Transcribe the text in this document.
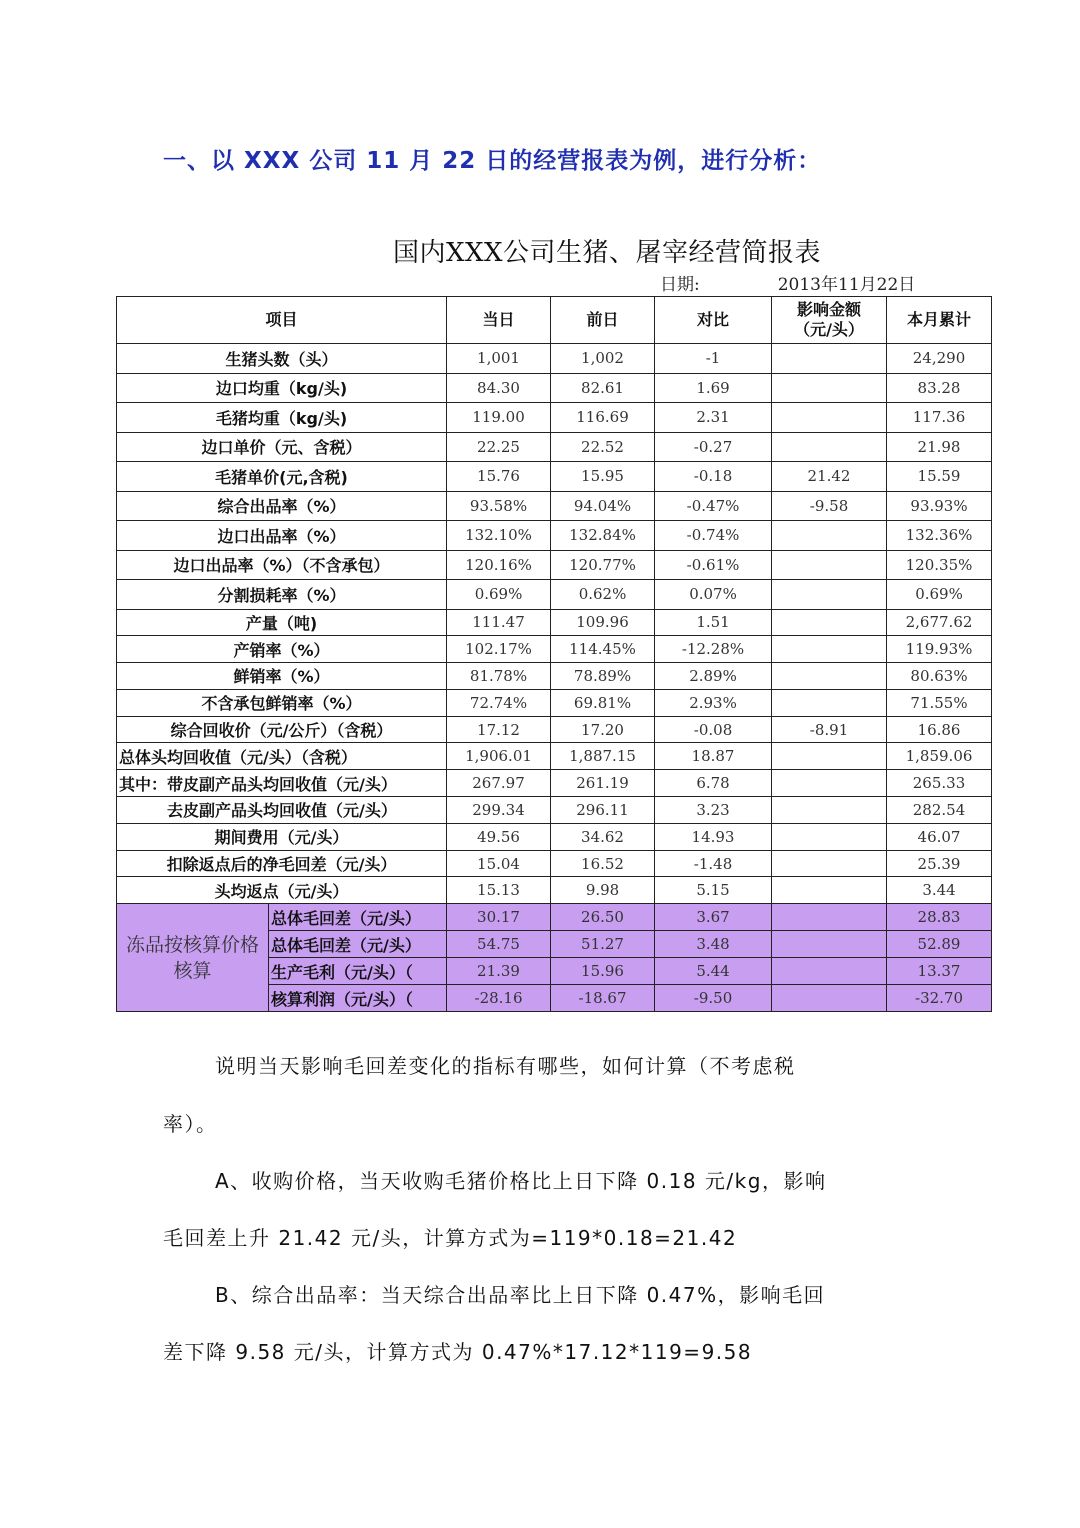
一、以 XXX 公司 11 月 22 日的经营报表为例，进行分析：
国内XXX公司生猪、屠宰经营简报表
日期:	2013年11月22日
项目		当日	前日	对比	影响金额（元/头）	本月累计
生猪头数（头）		1,001	1,002	-1		24,290
边口均重（kg/头)		84.30	82.61	1.69		83.28
毛猪均重（kg/头)		119.00	116.69	2.31		117.36
边口单价（元、含税）		22.25	22.52	-0.27		21.98
毛猪单价(元,含税)		15.76	15.95	-0.18	21.42	15.59
综合出品率（%）		93.58%	94.04%	-0.47%	-9.58	93.93%
边口出品率（%）		132.10%	132.84%	-0.74%		132.36%
边口出品率（%）（不含承包）		120.16%	120.77%	-0.61%		120.35%
分割损耗率（%）		0.69%	0.62%	0.07%		0.69%
产量（吨)		111.47	109.96	1.51		2,677.62
产销率（%）		102.17%	114.45%	-12.28%		119.93%
鲜销率（%）		81.78%	78.89%	2.89%		80.63%
不含承包鲜销率（%）		72.74%	69.81%	2.93%		71.55%
综合回收价（元/公斤）（含税）		17.12	17.20	-0.08	-8.91	16.86
总体头均回收值（元/头）（含税）		1,906.01	1,887.15	18.87		1,859.06
其中：带皮副产品头均回收值（元/头）		267.97	261.19	6.78		265.33
去皮副产品头均回收值（元/头）		299.34	296.11	3.23		282.54
期间费用（元/头）		49.56	34.62	14.93		46.07
扣除返点后的净毛回差（元/头）		15.04	16.52	-1.48		25.39
头均返点（元/头）		15.13	9.98	5.15		3.44
冻品按核算价格核算	总体毛回差（元/头）	30.17	26.50	3.67		28.83
	总体毛回差（元/头）	54.75	51.27	3.48		52.89
	生产毛利（元/头）（	21.39	15.96	5.44		13.37
	核算利润（元/头）（	-28.16	-18.67	-9.50		-32.70
说明当天影响毛回差变化的指标有哪些，如何计算（不考虑税
率）。
A、收购价格，当天收购毛猪价格比上日下降 0.18 元/kg，影响
毛回差上升 21.42 元/头，计算方式为=119*0.18=21.42
B、综合出品率：当天综合出品率比上日下降 0.47%，影响毛回
差下降 9.58 元/头，计算方式为 0.47%*17.12*119=9.58
